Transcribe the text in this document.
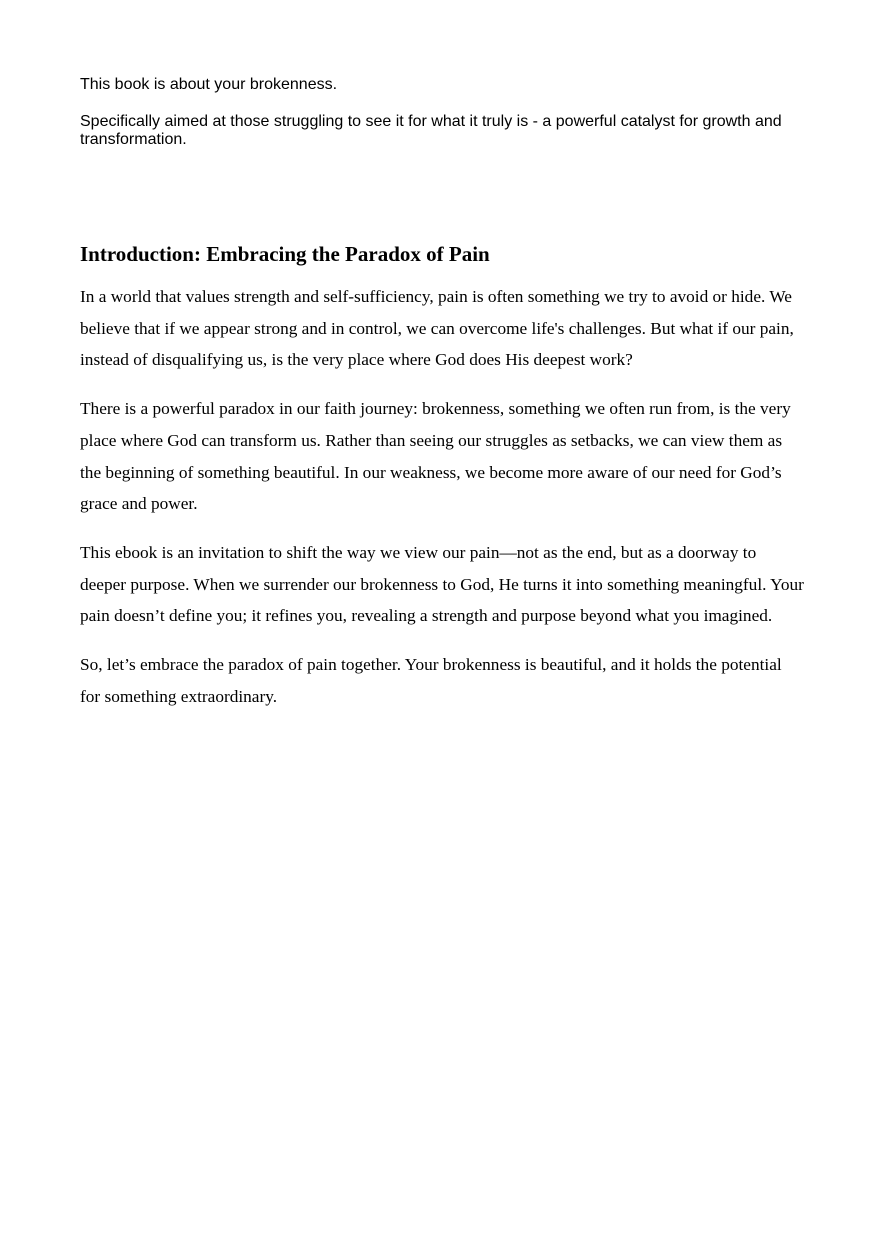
This book is about your brokenness.

Specifically aimed at those struggling to see it for what it truly is - a powerful catalyst for growth and transformation.

Introduction: Embracing the Paradox of Pain

In a world that values strength and self-sufficiency, pain is often something we try to avoid or hide. We believe that if we appear strong and in control, we can overcome life's challenges. But what if our pain, instead of disqualifying us, is the very place where God does His deepest work?

There is a powerful paradox in our faith journey: brokenness, something we often run from, is the very place where God can transform us. Rather than seeing our struggles as setbacks, we can view them as the beginning of something beautiful. In our weakness, we become more aware of our need for God’s grace and power.

This ebook is an invitation to shift the way we view our pain—not as the end, but as a doorway to deeper purpose. When we surrender our brokenness to God, He turns it into something meaningful. Your pain doesn’t define you; it refines you, revealing a strength and purpose beyond what you imagined.

So, let’s embrace the paradox of pain together. Your brokenness is beautiful, and it holds the potential for something extraordinary.
